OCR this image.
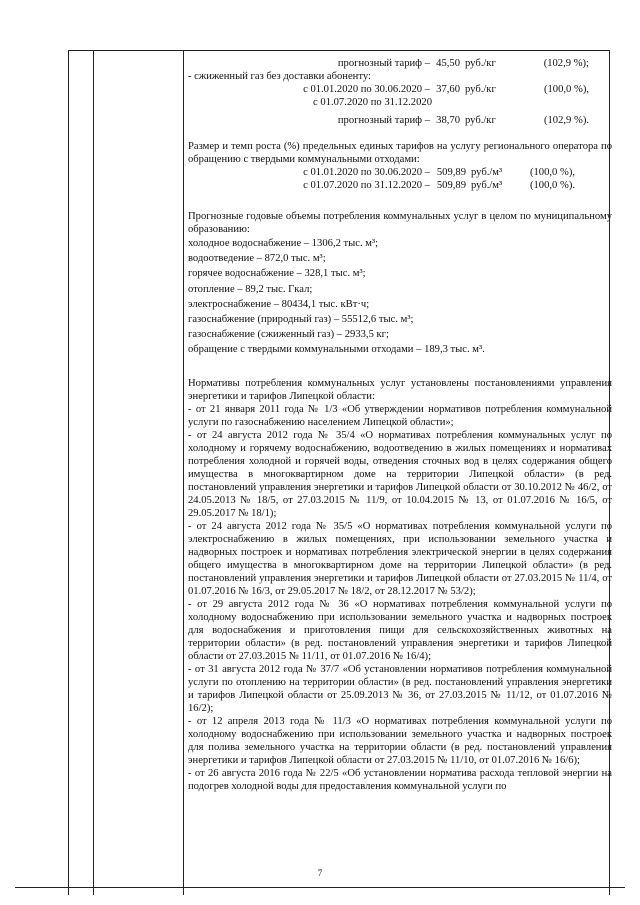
прогнозный тариф – 45,50 руб./кг	(102,9 %);

- сжиженный газ без доставки абоненту:

с 01.01.2020 по 30.06.2020 – 37,60 руб./кг	(100,0 %),
с 01.07.2020 по 31.12.2020
прогнозный тариф – 38,70 руб./кг	(102,9 %).

Размер и темп роста (%) предельных единых тарифов на услугу регионального оператора по обращению с твердыми коммунальными отходами:

с 01.01.2020 по 30.06.2020 – 509,89 руб./м³	(100,0 %),
с 01.07.2020 по 31.12.2020 – 509,89 руб./м³	(100,0 %).

Прогнозные годовые объемы потребления коммунальных услуг в целом по муниципальному образованию:

холодное водоснабжение – 1306,2 тыс. м³;

водоотведение – 872,0 тыс. м³;

горячее водоснабжение – 328,1 тыс. м³;

отопление – 89,2 тыс. Гкал;

электроснабжение – 80434,1 тыс. кВт·ч;

газоснабжение (природный газ) – 55512,6 тыс. м³;

газоснабжение (сжиженный газ) – 2933,5 кг;

обращение с твердыми коммунальными отходами – 189,3 тыс. м³.

Нормативы потребления коммунальных услуг установлены постановлениями управления энергетики и тарифов Липецкой области:

- от 21 января 2011 года № 1/3 «Об утверждении нормативов потребления коммунальной услуги по газоснабжению населением Липецкой области»;

- от 24 августа 2012 года № 35/4 «О нормативах потребления коммунальных услуг по холодному и горячему водоснабжению, водоотведению в жилых помещениях и нормативах потребления холодной и горячей воды, отведения сточных вод в целях содержания общего имущества в многоквартирном доме на территории Липецкой области» (в ред. постановлений управления энергетики и тарифов Липецкой области от 30.10.2012 № 46/2, от 24.05.2013 № 18/5, от 27.03.2015 № 11/9, от 10.04.2015 № 13, от 01.07.2016 № 16/5, от 29.05.2017 № 18/1);

- от 24 августа 2012 года № 35/5 «О нормативах потребления коммунальной услуги по электроснабжению в жилых помещениях, при использовании земельного участка и надворных построек и нормативах потребления электрической энергии в целях содержания общего имущества в многоквартирном доме на территории Липецкой области» (в ред. постановлений управления энергетики и тарифов Липецкой области от 27.03.2015 № 11/4, от 01.07.2016 № 16/3, от 29.05.2017 № 18/2, от 28.12.2017 № 53/2);

- от 29 августа 2012 года № 36 «О нормативах потребления коммунальной услуги по холодному водоснабжению при использовании земельного участка и надворных построек для водоснабжения и приготовления пищи для сельскохозяйственных животных на территории области» (в ред. постановлений управления энергетики и тарифов Липецкой области от 27.03.2015 № 11/11, от 01.07.2016 № 16/4);

- от 31 августа 2012 года № 37/7 «Об установлении нормативов потребления коммунальной услуги по отоплению на территории области» (в ред. постановлений управления энергетики и тарифов Липецкой области от 25.09.2013 № 36, от 27.03.2015 № 11/12, от 01.07.2016 № 16/2);

- от 12 апреля 2013 года № 11/3 «О нормативах потребления коммунальной услуги по холодному водоснабжению при использовании земельного участка и надворных построек для полива земельного участка на территории области (в ред. постановлений управления энергетики и тарифов Липецкой области от 27.03.2015 № 11/10, от 01.07.2016 № 16/6);

- от 26 августа 2016 года № 22/5 «Об установлении норматива расхода тепловой энергии на подогрев холодной воды для предоставления коммунальной услуги по

7
